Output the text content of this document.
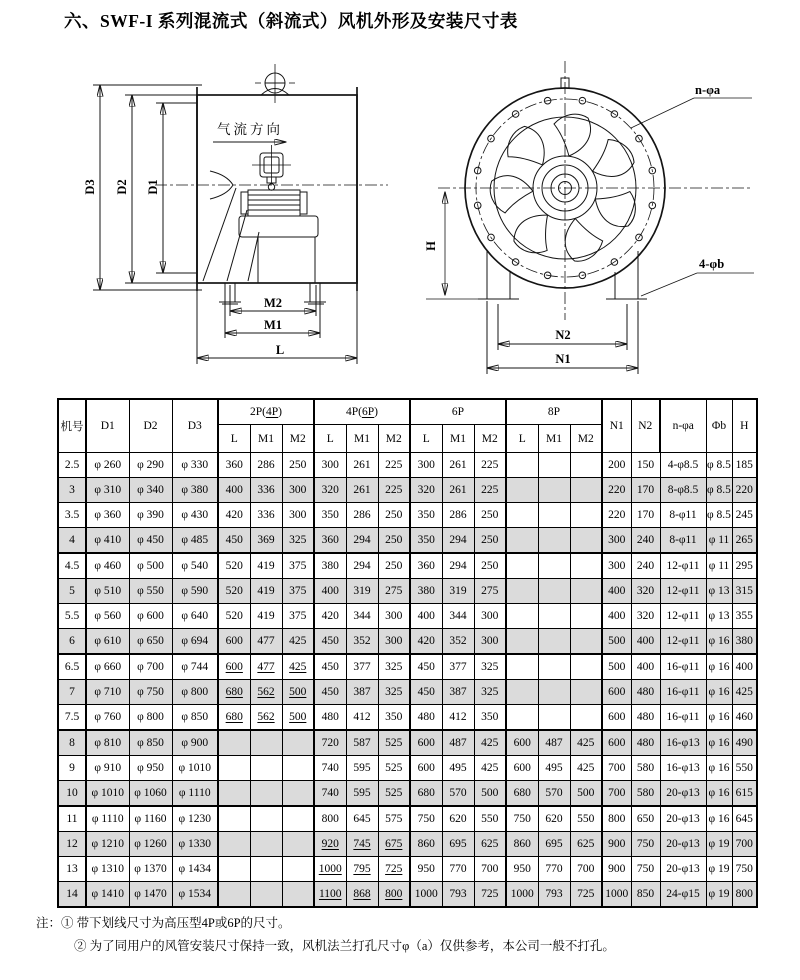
六、SWF-I 系列混流式（斜流式）风机外形及安装尺寸表
气流方向
M2
M1
L
D3 D2 D1
H
n-φa
4-φb
N2
N1
机号	D1	D2	D3	2P(4P)			4P(6P)			6P			8P			N1	N2	n-φa	Φb	H
				L	M1	M2	L	M1	M2	L	M1	M2	L	M1	M2					
2.5	φ 260	φ 290	φ 330	360	286	250	300	261	225	300	261	225				200	150	4-φ8.5	φ 8.5	185
3	φ 310	φ 340	φ 380	400	336	300	320	261	225	320	261	225				220	170	8-φ8.5	φ 8.5	220
3.5	φ 360	φ 390	φ 430	420	336	300	350	286	250	350	286	250				220	170	8-φ11	φ 8.5	245
4	φ 410	φ 450	φ 485	450	369	325	360	294	250	350	294	250				300	240	8-φ11	φ 11	265
4.5	φ 460	φ 500	φ 540	520	419	375	380	294	250	360	294	250				300	240	12-φ11	φ 11	295
5	φ 510	φ 550	φ 590	520	419	375	400	319	275	380	319	275				400	320	12-φ11	φ 13	315
5.5	φ 560	φ 600	φ 640	520	419	375	420	344	300	400	344	300				400	320	12-φ11	φ 13	355
6	φ 610	φ 650	φ 694	600	477	425	450	352	300	420	352	300				500	400	12-φ11	φ 16	380
6.5	φ 660	φ 700	φ 744	600	477	425	450	377	325	450	377	325				500	400	16-φ11	φ 16	400
7	φ 710	φ 750	φ 800	680	562	500	450	387	325	450	387	325				600	480	16-φ11	φ 16	425
7.5	φ 760	φ 800	φ 850	680	562	500	480	412	350	480	412	350				600	480	16-φ11	φ 16	460
8	φ 810	φ 850	φ 900				720	587	525	600	487	425	600	487	425	600	480	16-φ13	φ 16	490
9	φ 910	φ 950	φ 1010				740	595	525	600	495	425	600	495	425	700	580	16-φ13	φ 16	550
10	φ 1010	φ 1060	φ 1110				740	595	525	680	570	500	680	570	500	700	580	20-φ13	φ 16	615
11	φ 1110	φ 1160	φ 1230				800	645	575	750	620	550	750	620	550	800	650	20-φ13	φ 16	645
12	φ 1210	φ 1260	φ 1330				920	745	675	860	695	625	860	695	625	900	750	20-φ13	φ 19	700
13	φ 1310	φ 1370	φ 1434				1000	795	725	950	770	700	950	770	700	900	750	20-φ13	φ 19	750
14	φ 1410	φ 1470	φ 1534				1100	868	800	1000	793	725	1000	793	725	1000	850	24-φ15	φ 19	800
注：① 带下划线尺寸为高压型4P或6P的尺寸。
② 为了同用户的风管安装尺寸保持一致，风机法兰打孔尺寸φ（a）仅供参考，本公司一般不打孔。
